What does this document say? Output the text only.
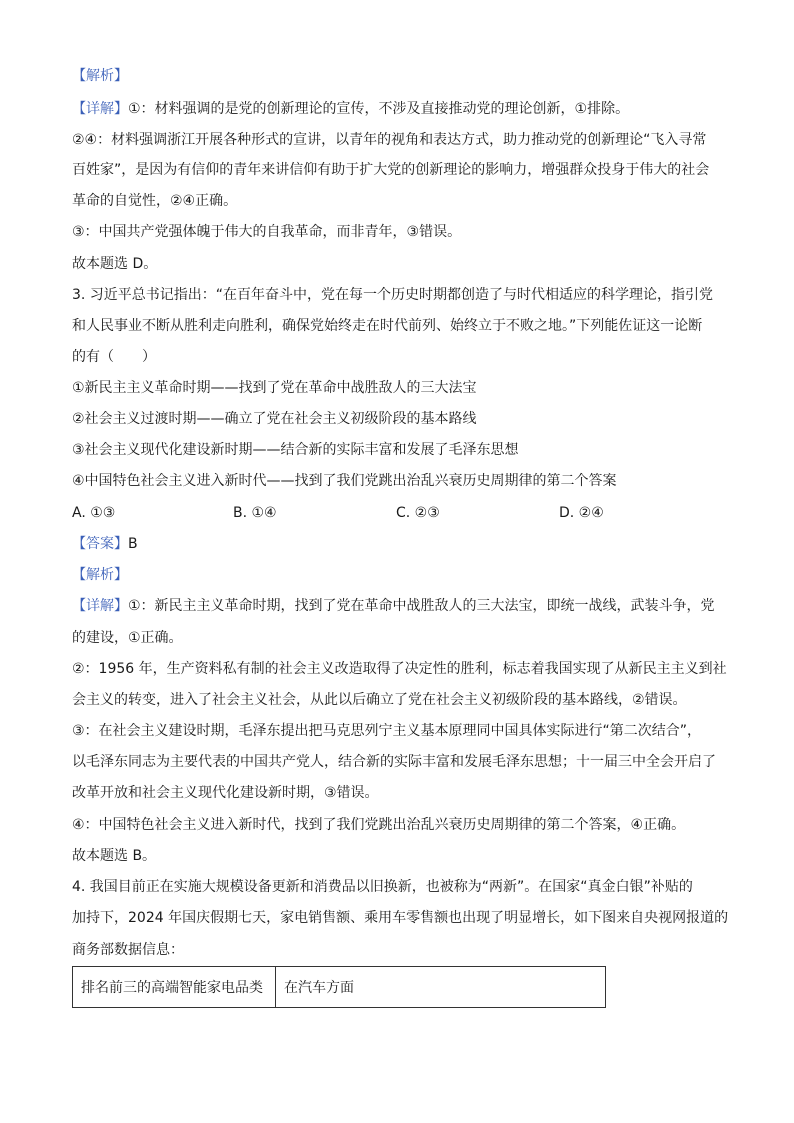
【解析】
【详解】①：材料强调的是党的创新理论的宣传，不涉及直接推动党的理论创新，①排除。
②④：材料强调浙江开展各种形式的宣讲，以青年的视角和表达方式，助力推动党的创新理论“飞入寻常
百姓家”，是因为有信仰的青年来讲信仰有助于扩大党的创新理论的影响力，增强群众投身于伟大的社会
革命的自觉性，②④正确。
③：中国共产党强体魄于伟大的自我革命，而非青年，③错误。
故本题选 D。
3. 习近平总书记指出：“在百年奋斗中，党在每一个历史时期都创造了与时代相适应的科学理论，指引党
和人民事业不断从胜利走向胜利，确保党始终走在时代前列、始终立于不败之地。”下列能佐证这一论断
的有（　　）
①新民主主义革命时期——找到了党在革命中战胜敌人的三大法宝
②社会主义过渡时期——确立了党在社会主义初级阶段的基本路线
③社会主义现代化建设新时期——结合新的实际丰富和发展了毛泽东思想
④中国特色社会主义进入新时代——找到了我们党跳出治乱兴衰历史周期律的第二个答案
A. ①③	B. ①④	C. ②③	D. ②④
【答案】B
【解析】
【详解】①：新民主主义革命时期，找到了党在革命中战胜敌人的三大法宝，即统一战线，武装斗争，党
的建设，①正确。
②：1956 年，生产资料私有制的社会主义改造取得了决定性的胜利，标志着我国实现了从新民主主义到社
会主义的转变，进入了社会主义社会，从此以后确立了党在社会主义初级阶段的基本路线，②错误。
③：在社会主义建设时期，毛泽东提出把马克思列宁主义基本原理同中国具体实际进行“第二次结合”，
以毛泽东同志为主要代表的中国共产党人，结合新的实际丰富和发展毛泽东思想；十一届三中全会开启了
改革开放和社会主义现代化建设新时期，③错误。
④：中国特色社会主义进入新时代，找到了我们党跳出治乱兴衰历史周期律的第二个答案，④正确。
故本题选 B。
4. 我国目前正在实施大规模设备更新和消费品以旧换新，也被称为“两新”。在国家“真金白银”补贴的
加持下，2024 年国庆假期七天，家电销售额、乘用车零售额也出现了明显增长，如下图来自央视网报道的
商务部数据信息：
排名前三的高端智能家电品类	在汽车方面
